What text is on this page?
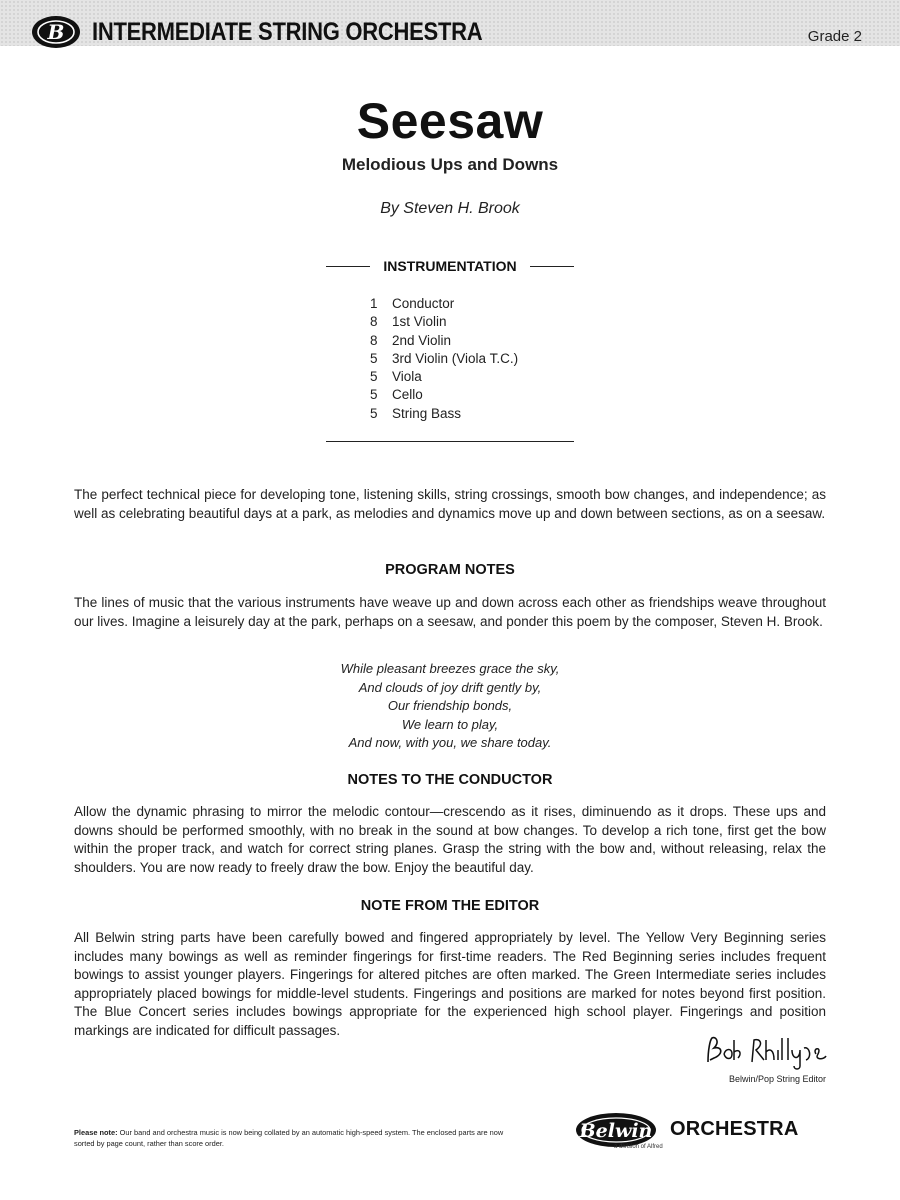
B INTERMEDIATE STRING ORCHESTRA	Grade 2
Seesaw
Melodious Ups and Downs
By Steven H. Brook
INSTRUMENTATION
1 Conductor
8 1st Violin
8 2nd Violin
5 3rd Violin (Viola T.C.)
5 Viola
5 Cello
5 String Bass

The perfect technical piece for developing tone, listening skills, string crossings, smooth bow changes, and independence; as well as celebrating beautiful days at a park, as melodies and dynamics move up and down between sections, as on a seesaw.

PROGRAM NOTES

The lines of music that the various instruments have weave up and down across each other as friendships weave throughout our lives. Imagine a leisurely day at the park, perhaps on a seesaw, and ponder this poem by the composer, Steven H. Brook.

While pleasant breezes grace the sky,
And clouds of joy drift gently by,
Our friendship bonds,
We learn to play,
And now, with you, we share today.
NOTES TO THE CONDUCTOR

Allow the dynamic phrasing to mirror the melodic contour—crescendo as it rises, diminuendo as it drops. These ups and downs should be performed smoothly, with no break in the sound at bow changes. To develop a rich tone, first get the bow within the proper track, and watch for correct string planes. Grasp the string with the bow and, without releasing, relax the shoulders. You are now ready to freely draw the bow. Enjoy the beautiful day.

NOTE FROM THE EDITOR

All Belwin string parts have been carefully bowed and fingered appropriately by level. The Yellow Very Beginning series includes many bowings as well as reminder fingerings for first-time readers. The Red Beginning series includes frequent bowings to assist younger players. Fingerings for altered pitches are often marked. The Green Intermediate series includes appropriately placed bowings for middle-level students. Fingerings and positions are marked for notes beyond first position. The Blue Concert series includes bowings appropriate for the experienced high school player. Fingerings and position markings are indicated for difficult passages.

Belwin/Pop String Editor
Please note: Our band and orchestra music is now being collated by an automatic high-speed system. The enclosed parts are now sorted by page count, rather than score order.
Belwin ORCHESTRA
a division of Alfred
